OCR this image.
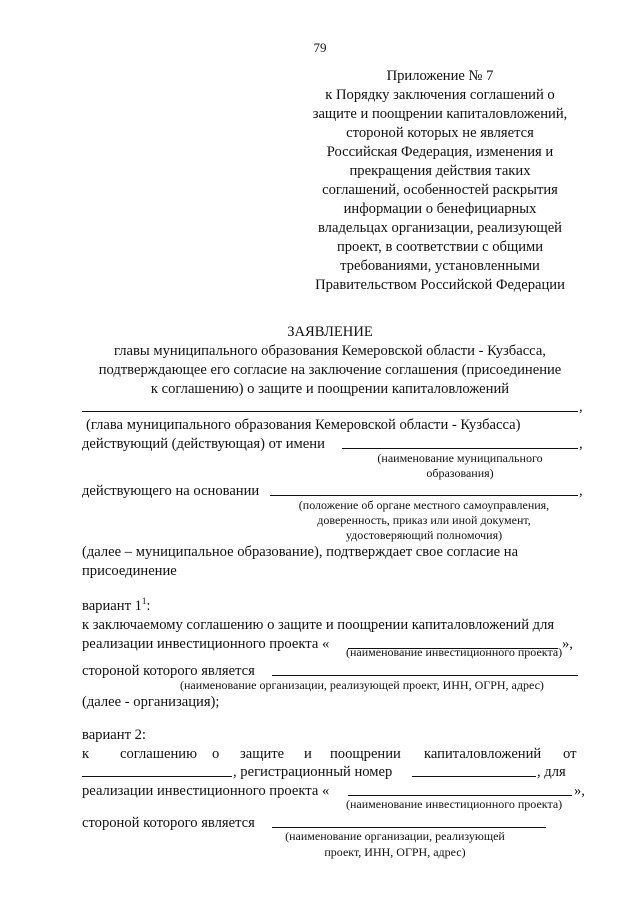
79
Приложение № 7
к Порядку заключения соглашений о
защите и поощрении капиталовложений,
стороной которых не является
Российская Федерация, изменения и
прекращения действия таких
соглашений, особенностей раскрытия
информации о бенефициарных
владельцах организации, реализующей
проект, в соответствии с общими
требованиями, установленными
Правительством Российской Федерации
ЗАЯВЛЕНИЕ
главы муниципального образования Кемеровской области - Кузбасса,
подтверждающее его согласие на заключение соглашения (присоединение
к соглашению) о защите и поощрении капиталовложений
,
(глава муниципального образования Кемеровской области - Кузбасса)
действующий (действующая) от имени	,
(наименование муниципального
образования)
действующего на основании	,
(положение об органе местного самоуправления,
доверенность, приказ или иной документ,
удостоверяющий полномочия)
(далее – муниципальное образование), подтверждает свое согласие на
присоединение
вариант $1^1$:
к заключаемому соглашению о защите и поощрении капиталовложений для
реализации инвестиционного проекта «	»,
(наименование инвестиционного проекта)
стороной которого является
(наименование организации, реализующей проект, ИНН, ОГРН, адрес)
(далее - организация);
вариант 2:
к соглашению о защите и поощрении капиталовложений от
, регистрационный номер	, для
реализации инвестиционного проекта «	»,
(наименование инвестиционного проекта)
стороной которого является
(наименование организации, реализующей
проект, ИНН, ОГРН, адрес)
